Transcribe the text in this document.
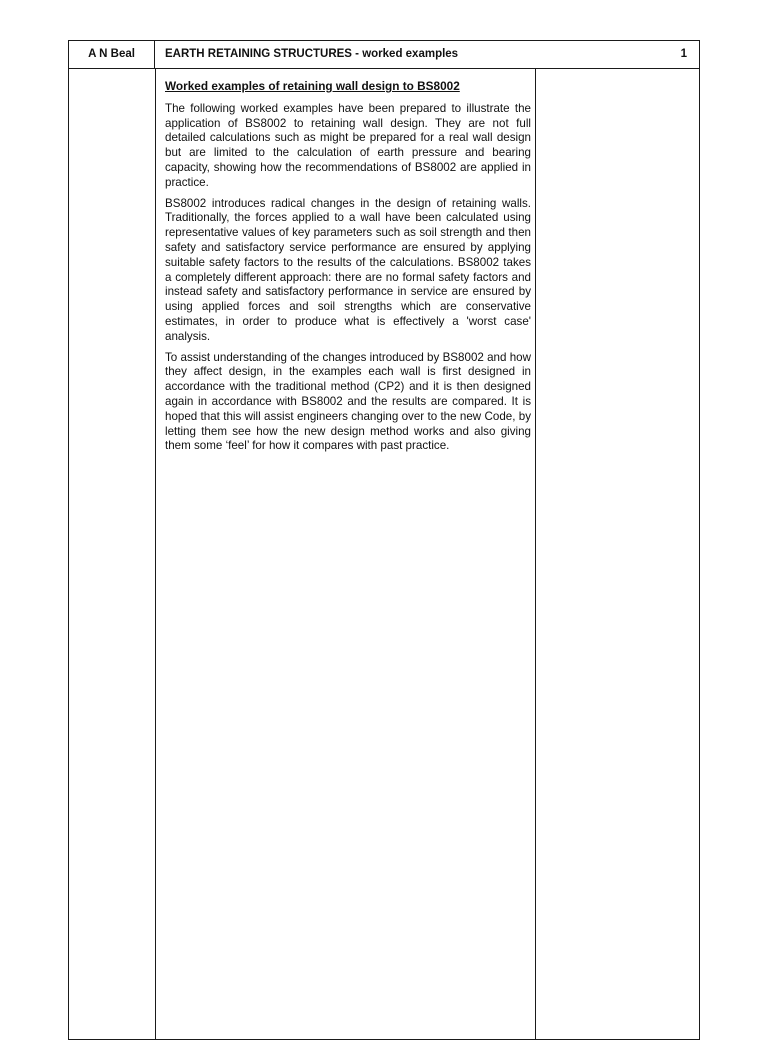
A N Beal	EARTH RETAINING STRUCTURES - worked examples	1

Worked examples of retaining wall design to BS8002

The following worked examples have been prepared to illustrate the application of BS8002 to retaining wall design. They are not full detailed calculations such as might be prepared for a real wall design but are limited to the calculation of earth pressure and bearing capacity, showing how the recommendations of BS8002 are applied in practice.

BS8002 introduces radical changes in the design of retaining walls. Traditionally, the forces applied to a wall have been calculated using representative values of key parameters such as soil strength and then safety and satisfactory service performance are ensured by applying suitable safety factors to the results of the calculations. BS8002 takes a completely different approach: there are no formal safety factors and instead safety and satisfactory performance in service are ensured by using applied forces and soil strengths which are conservative estimates, in order to produce what is effectively a 'worst case' analysis.

To assist understanding of the changes introduced by BS8002 and how they affect design, in the examples each wall is first designed in accordance with the traditional method (CP2) and it is then designed again in accordance with BS8002 and the results are compared. It is hoped that this will assist engineers changing over to the new Code, by letting them see how the new design method works and also giving them some ‘feel’ for how it compares with past practice.
